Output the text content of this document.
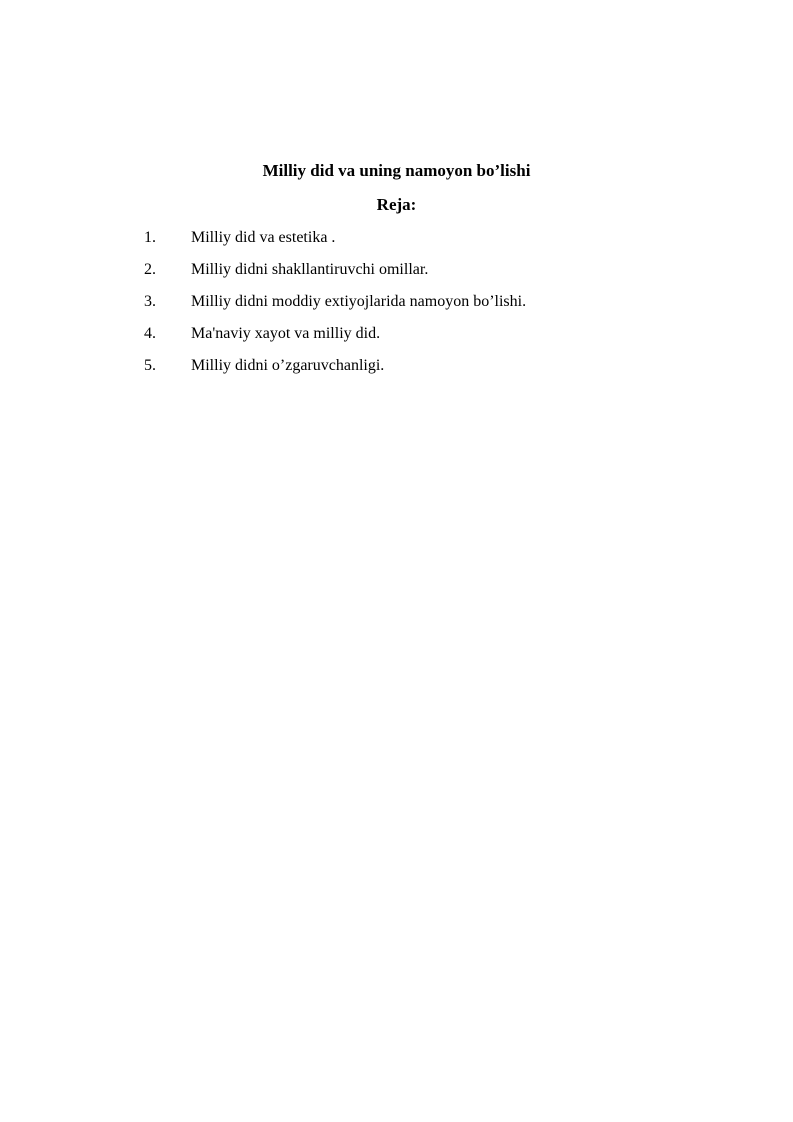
Milliy did va uning namoyon bo’lishi
Reja:
1.	Milliy did va estetika .
2.	Milliy didni shakllantiruvchi omillar.
3.	Milliy didni moddiy extiyojlarida namoyon bo’lishi.
4.	Ma'naviy xayot va milliy did.
5.	Milliy didni o’zgaruvchanligi.
